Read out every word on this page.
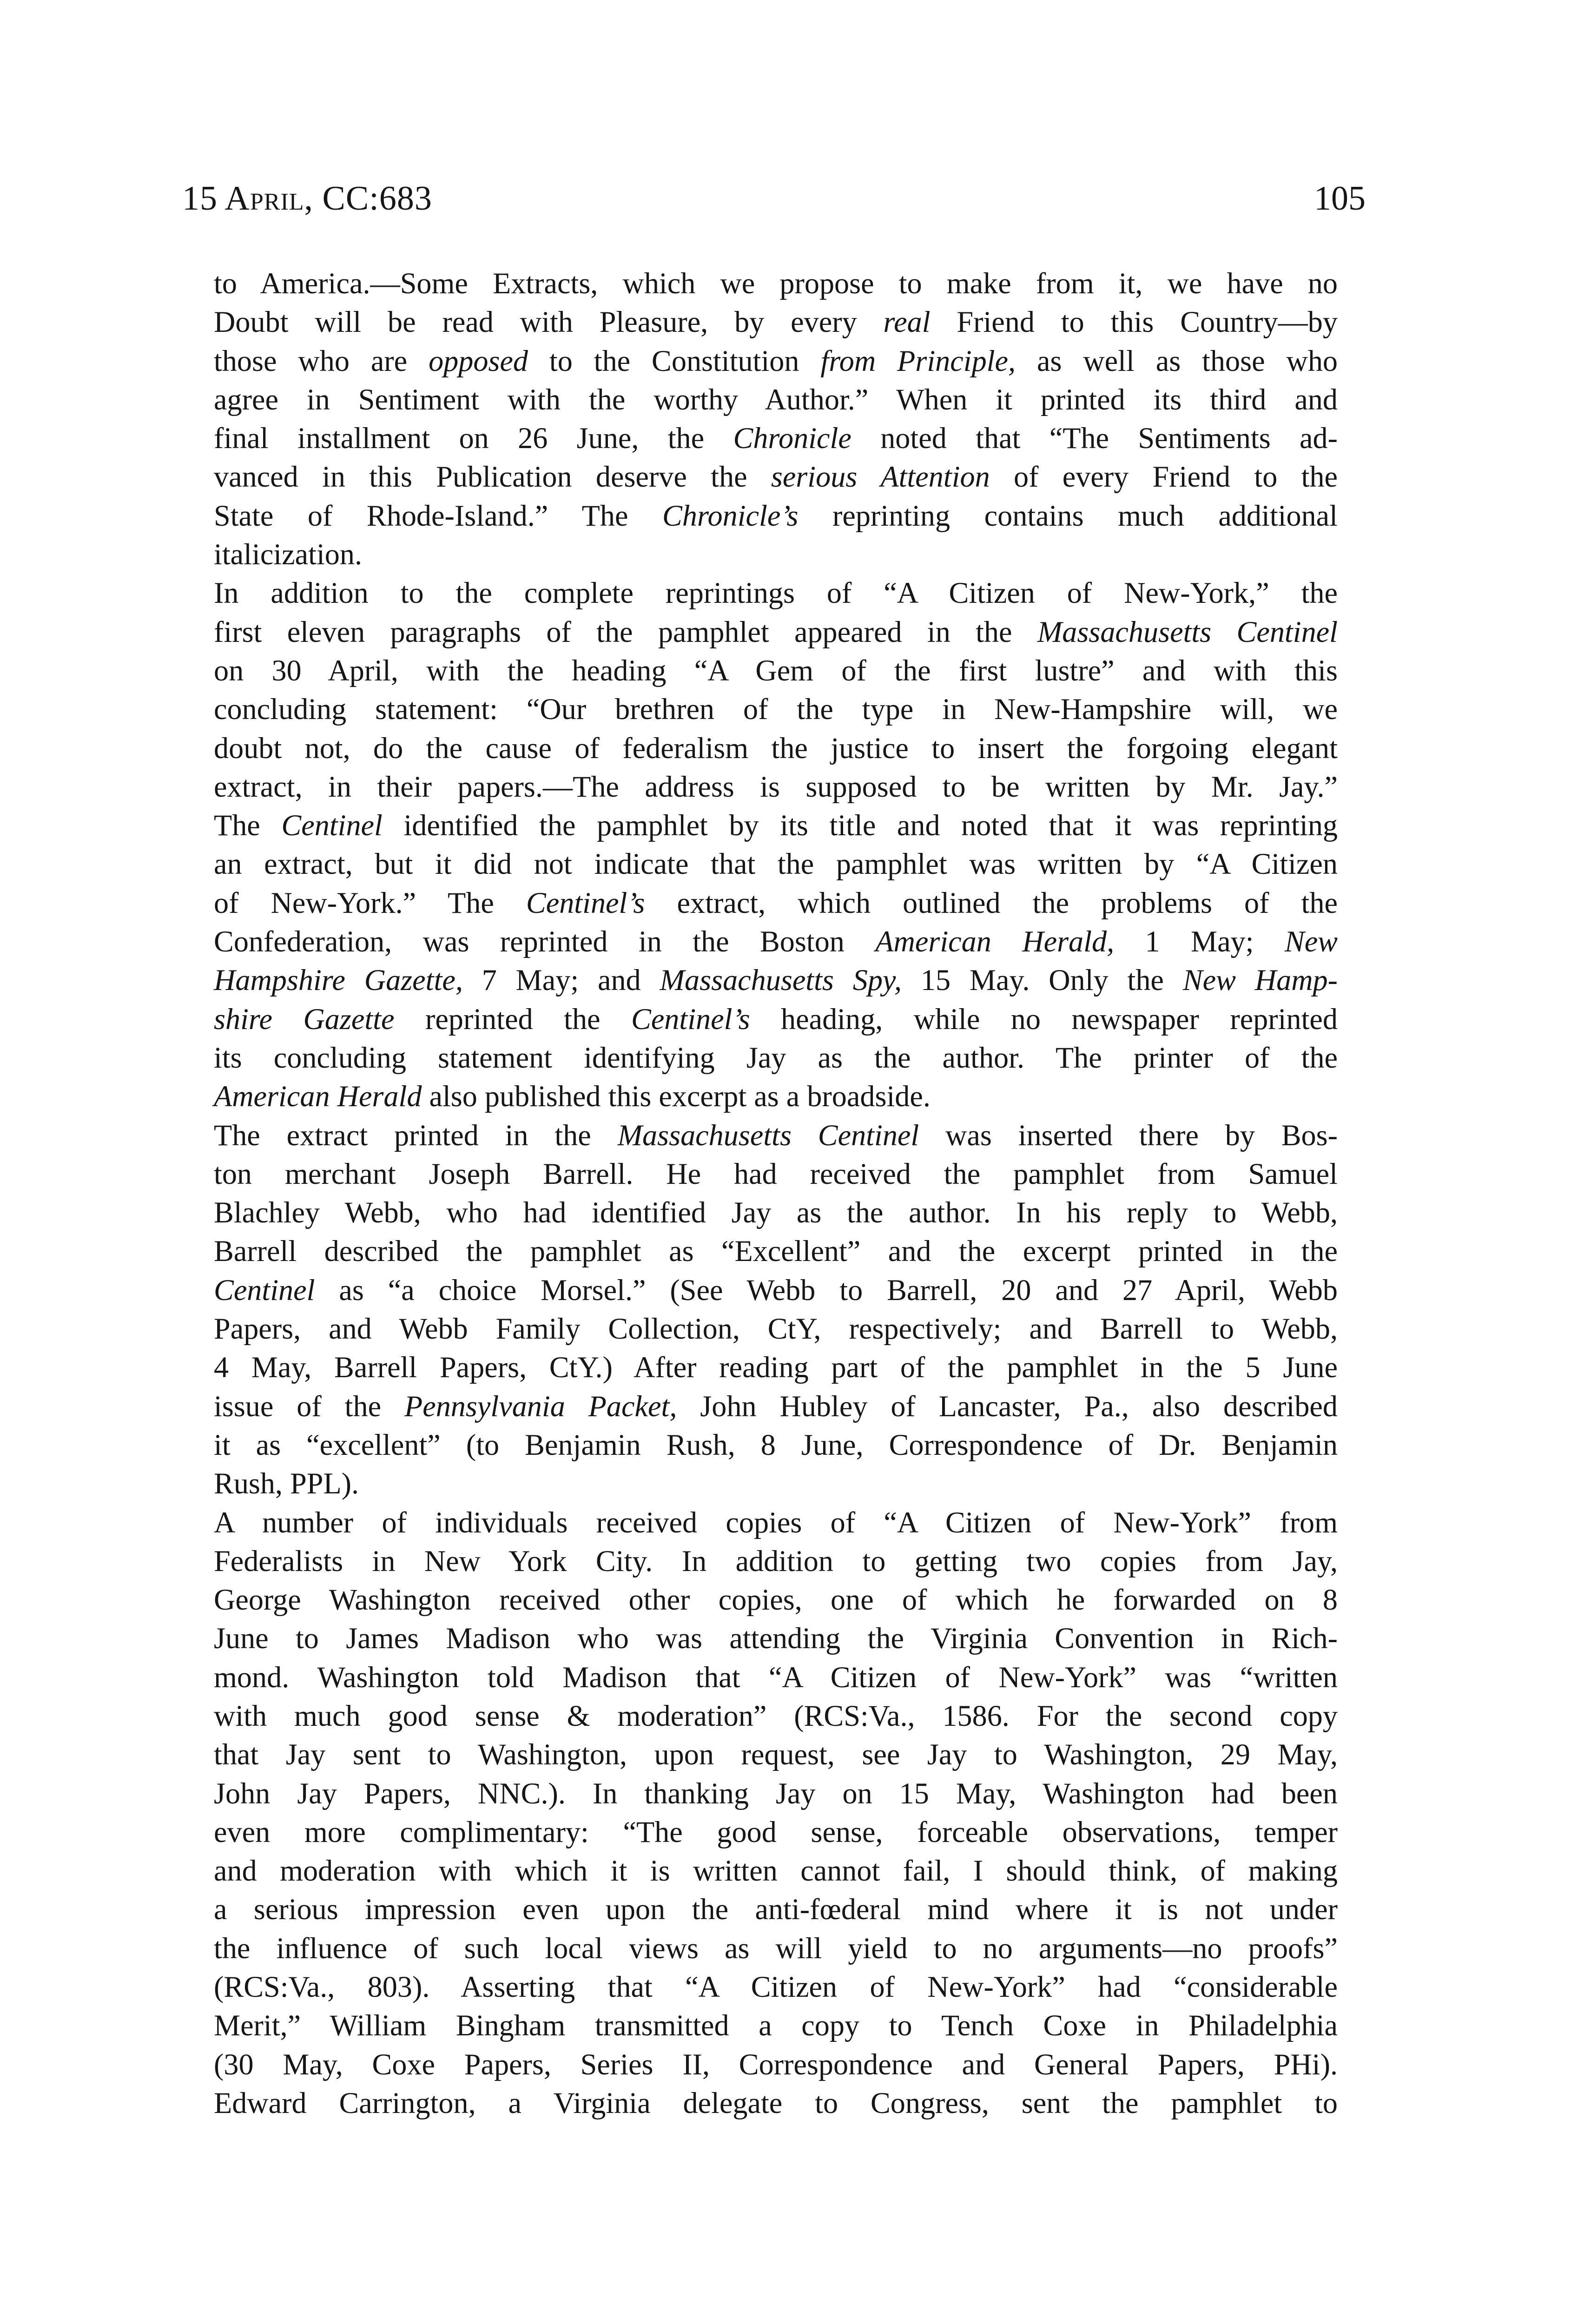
15 April, CC:683	105

to America.—Some Extracts, which we propose to make from it, we have no
Doubt will be read with Pleasure, by every real Friend to this Country—by
those who are opposed to the Constitution from Principle, as well as those who
agree in Sentiment with the worthy Author.” When it printed its third and
final installment on 26 June, the Chronicle noted that “The Sentiments ad-
vanced in this Publication deserve the serious Attention of every Friend to the
State of Rhode-Island.” The Chronicle’s reprinting contains much additional
italicization.

In addition to the complete reprintings of “A Citizen of New-York,” the
first eleven paragraphs of the pamphlet appeared in the Massachusetts Centinel
on 30 April, with the heading “A Gem of the first lustre” and with this
concluding statement: “Our brethren of the type in New-Hampshire will, we
doubt not, do the cause of federalism the justice to insert the forgoing elegant
extract, in their papers.—The address is supposed to be written by Mr. Jay.”
The Centinel identified the pamphlet by its title and noted that it was reprinting
an extract, but it did not indicate that the pamphlet was written by “A Citizen
of New-York.” The Centinel’s extract, which outlined the problems of the
Confederation, was reprinted in the Boston American Herald, 1 May; New
Hampshire Gazette, 7 May; and Massachusetts Spy, 15 May. Only the New Hamp-
shire Gazette reprinted the Centinel’s heading, while no newspaper reprinted
its concluding statement identifying Jay as the author. The printer of the
American Herald also published this excerpt as a broadside.

The extract printed in the Massachusetts Centinel was inserted there by Bos-
ton merchant Joseph Barrell. He had received the pamphlet from Samuel
Blachley Webb, who had identified Jay as the author. In his reply to Webb,
Barrell described the pamphlet as “Excellent” and the excerpt printed in the
Centinel as “a choice Morsel.” (See Webb to Barrell, 20 and 27 April, Webb
Papers, and Webb Family Collection, CtY, respectively; and Barrell to Webb,
4 May, Barrell Papers, CtY.) After reading part of the pamphlet in the 5 June
issue of the Pennsylvania Packet, John Hubley of Lancaster, Pa., also described
it as “excellent” (to Benjamin Rush, 8 June, Correspondence of Dr. Benjamin
Rush, PPL).

A number of individuals received copies of “A Citizen of New-York” from
Federalists in New York City. In addition to getting two copies from Jay,
George Washington received other copies, one of which he forwarded on 8
June to James Madison who was attending the Virginia Convention in Rich-
mond. Washington told Madison that “A Citizen of New-York” was “written
with much good sense & moderation” (RCS:Va., 1586. For the second copy
that Jay sent to Washington, upon request, see Jay to Washington, 29 May,
John Jay Papers, NNC.). In thanking Jay on 15 May, Washington had been
even more complimentary: “The good sense, forceable observations, temper
and moderation with which it is written cannot fail, I should think, of making
a serious impression even upon the anti-fœderal mind where it is not under
the influence of such local views as will yield to no arguments—no proofs”
(RCS:Va., 803). Asserting that “A Citizen of New-York” had “considerable
Merit,” William Bingham transmitted a copy to Tench Coxe in Philadelphia
(30 May, Coxe Papers, Series II, Correspondence and General Papers, PHi).
Edward Carrington, a Virginia delegate to Congress, sent the pamphlet to
